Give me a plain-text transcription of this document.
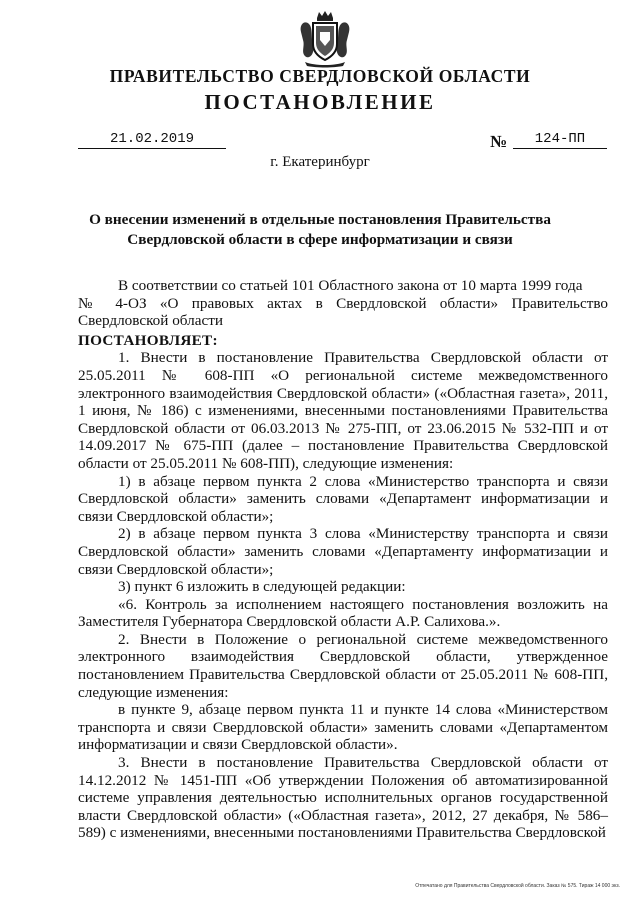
ПРАВИТЕЛЬСТВО СВЕРДЛОВСКОЙ ОБЛАСТИ
ПОСТАНОВЛЕНИЕ
21.02.2019	№	124-ПП
г. Екатеринбург
О внесении изменений в отдельные постановления Правительства
Свердловской области в сфере информатизации и связи

В соответствии со статьей 101 Областного закона от 10 марта 1999 года

№ 4-ОЗ «О правовых актах в Свердловской области» Правительство Свердловской области

ПОСТАНОВЛЯЕТ:

1. Внести в постановление Правительства Свердловской области от 25.05.2011 № 608-ПП «О региональной системе межведомственного электронного взаимодействия Свердловской области» («Областная газета», 2011, 1 июня, № 186) с изменениями, внесенными постановлениями Правительства Свердловской области от 06.03.2013 № 275-ПП, от 23.06.2015 № 532-ПП и от 14.09.2017 № 675-ПП (далее – постановление Правительства Свердловской области от 25.05.2011 № 608-ПП), следующие изменения:

1) в абзаце первом пункта 2 слова «Министерство транспорта и связи Свердловской области» заменить словами «Департамент информатизации и связи Свердловской области»;

2) в абзаце первом пункта 3 слова «Министерству транспорта и связи Свердловской области» заменить словами «Департаменту информатизации и связи Свердловской области»;

3) пункт 6 изложить в следующей редакции:

«6. Контроль за исполнением настоящего постановления возложить на Заместителя Губернатора Свердловской области А.Р. Салихова.».

2. Внести в Положение о региональной системе межведомственного электронного взаимодействия Свердловской области, утвержденное постановлением Правительства Свердловской области от 25.05.2011 № 608-ПП, следующие изменения:

в пункте 9, абзаце первом пункта 11 и пункте 14 слова «Министерством транспорта и связи Свердловской области» заменить словами «Департаментом информатизации и связи Свердловской области».

3. Внести в постановление Правительства Свердловской области от 14.12.2012 № 1451-ПП «Об утверждении Положения об автоматизированной системе управления деятельностью исполнительных органов государственной власти Свердловской области» («Областная газета», 2012, 27 декабря, № 586–589) с изменениями, внесенными постановлениями Правительства Свердловской

Отпечатано для Правительства Свердловской области. Заказ № 575. Тираж 14 000 экз.
